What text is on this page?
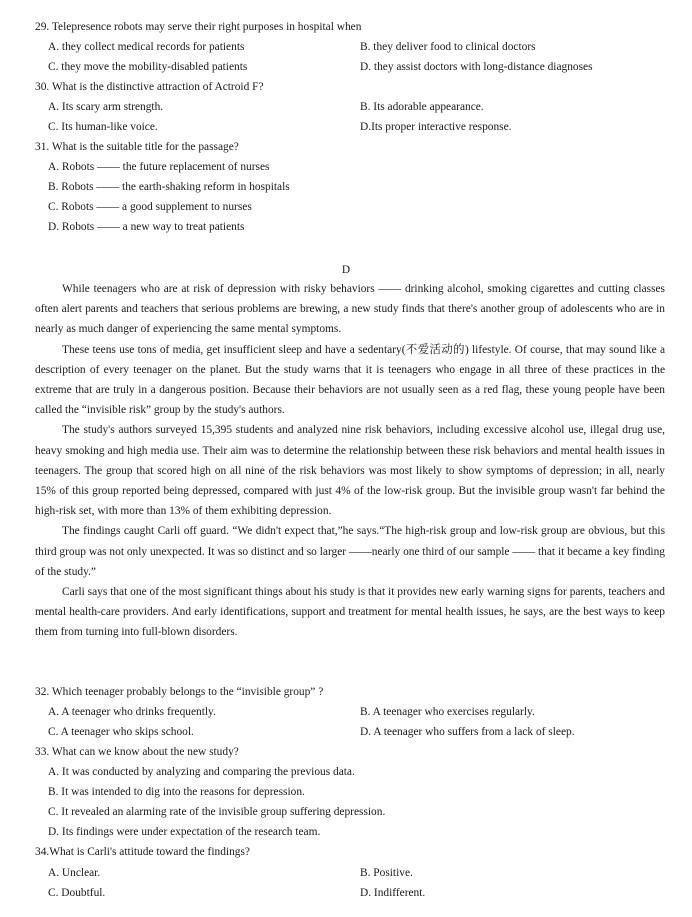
29. Telepresence robots may serve their right purposes in hospital when
A. they collect medical records for patients	B. they deliver food to clinical doctors
C. they move the mobility-disabled patients	D. they assist doctors with long-distance diagnoses
30. What is the distinctive attraction of Actroid F?
A. Its scary arm strength.	B. Its adorable appearance.
C. Its human-like voice.	D.Its proper interactive response.
31. What is the suitable title for the passage?
A. Robots —— the future replacement of nurses
B. Robots —— the earth-shaking reform in hospitals
C. Robots —— a good supplement to nurses
D. Robots —— a new way to treat patients
D

While teenagers who are at risk of depression with risky behaviors —— drinking alcohol, smoking cigarettes and cutting classes often alert parents and teachers that serious problems are brewing, a new study finds that there's another group of adolescents who are in nearly as much danger of experiencing the same mental symptoms.

These teens use tons of media, get insufficient sleep and have a sedentary(不爱活动的) lifestyle. Of course, that may sound like a description of every teenager on the planet. But the study warns that it is teenagers who engage in all three of these practices in the extreme that are truly in a dangerous position. Because their behaviors are not usually seen as a red flag, these young people have been called the “invisible risk” group by the study's authors.

The study's authors surveyed 15,395 students and analyzed nine risk behaviors, including excessive alcohol use, illegal drug use, heavy smoking and high media use. Their aim was to determine the relationship between these risk behaviors and mental health issues in teenagers. The group that scored high on all nine of the risk behaviors was most likely to show symptoms of depression; in all, nearly 15% of this group reported being depressed, compared with just 4% of the low-risk group. But the invisible group wasn't far behind the high-risk set, with more than 13% of them exhibiting depression.

The findings caught Carli off guard. “We didn't expect that,”he says.“The high-risk group and low-risk group are obvious, but this third group was not only unexpected. It was so distinct and so larger ——nearly one third of our sample —— that it became a key finding of the study.”

Carli says that one of the most significant things about his study is that it provides new early warning signs for parents, teachers and mental health-care providers. And early identifications, support and treatment for mental health issues, he says, are the best ways to keep them from turning into full-blown disorders.

32. Which teenager probably belongs to the “invisible group” ?
A. A teenager who drinks frequently.	B. A teenager who exercises regularly.
C. A teenager who skips school.	D. A teenager who suffers from a lack of sleep.
33. What can we know about the new study?
A. It was conducted by analyzing and comparing the previous data.
B. It was intended to dig into the reasons for depression.
C. It revealed an alarming rate of the invisible group suffering depression.
D. Its findings were under expectation of the research team.
34.What is Carli's attitude toward the findings?
A. Unclear.	B. Positive.
C. Doubtful.	D. Indifferent.
